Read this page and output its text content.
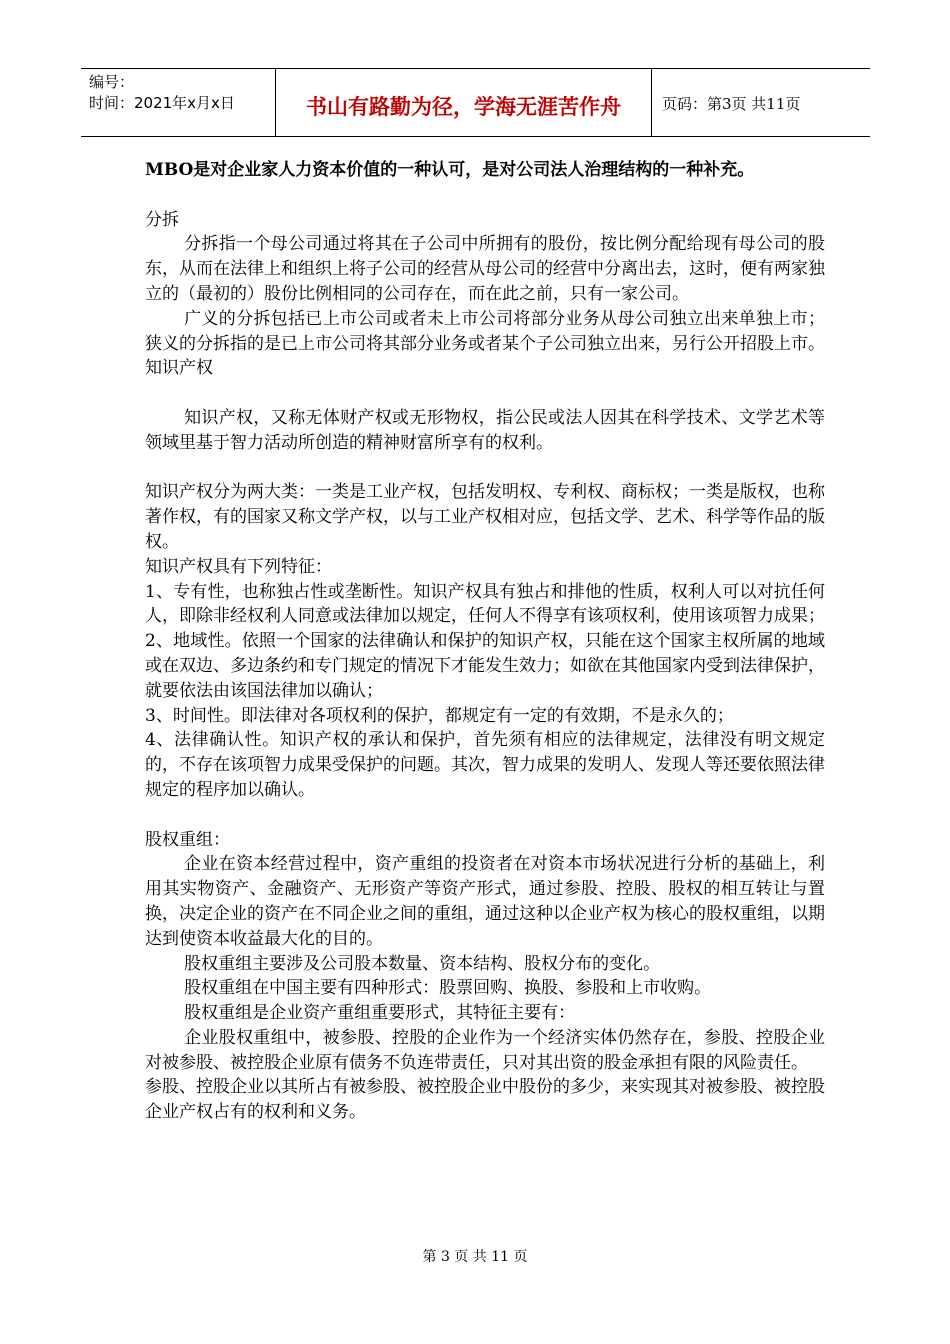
编号：
时间：2021年x月x日	书山有路勤为径，学海无涯苦作舟	页码：第3页 共11页

MBO是对企业家人力资本价值的一种认可，是对公司法人治理结构的一种补充。

分拆

分拆指一个母公司通过将其在子公司中所拥有的股份，按比例分配给现有母公司的股东，从而在法律上和组织上将子公司的经营从母公司的经营中分离出去，这时，便有两家独立的（最初的）股份比例相同的公司存在，而在此之前，只有一家公司。

广义的分拆包括已上市公司或者未上市公司将部分业务从母公司独立出来单独上市；狭义的分拆指的是已上市公司将其部分业务或者某个子公司独立出来，另行公开招股上市。

知识产权

知识产权，又称无体财产权或无形物权，指公民或法人因其在科学技术、文学艺术等领域里基于智力活动所创造的精神财富所享有的权利。

知识产权分为两大类：一类是工业产权，包括发明权、专利权、商标权；一类是版权，也称著作权，有的国家又称文学产权，以与工业产权相对应，包括文学、艺术、科学等作品的版权。

知识产权具有下列特征：

1、专有性，也称独占性或垄断性。知识产权具有独占和排他的性质，权利人可以对抗任何人，即除非经权利人同意或法律加以规定，任何人不得享有该项权利，使用该项智力成果；

2、地域性。依照一个国家的法律确认和保护的知识产权，只能在这个国家主权所属的地域或在双边、多边条约和专门规定的情况下才能发生效力；如欲在其他国家内受到法律保护，就要依法由该国法律加以确认；

3、时间性。即法律对各项权利的保护，都规定有一定的有效期，不是永久的；

4、法律确认性。知识产权的承认和保护，首先须有相应的法律规定，法律没有明文规定的，不存在该项智力成果受保护的问题。其次，智力成果的发明人、发现人等还要依照法律规定的程序加以确认。

股权重组：

企业在资本经营过程中，资产重组的投资者在对资本市场状况进行分析的基础上，利用其实物资产、金融资产、无形资产等资产形式，通过参股、控股、股权的相互转让与置换，决定企业的资产在不同企业之间的重组，通过这种以企业产权为核心的股权重组，以期达到使资本收益最大化的目的。

股权重组主要涉及公司股本数量、资本结构、股权分布的变化。

股权重组在中国主要有四种形式：股票回购、换股、参股和上市收购。

股权重组是企业资产重组重要形式，其特征主要有：

企业股权重组中，被参股、控股的企业作为一个经济实体仍然存在，参股、控股企业对被参股、被控股企业原有债务不负连带责任，只对其出资的股金承担有限的风险责任。

参股、控股企业以其所占有被参股、被控股企业中股份的多少，来实现其对被参股、被控股企业产权占有的权利和义务。

第 3 页 共 11 页
